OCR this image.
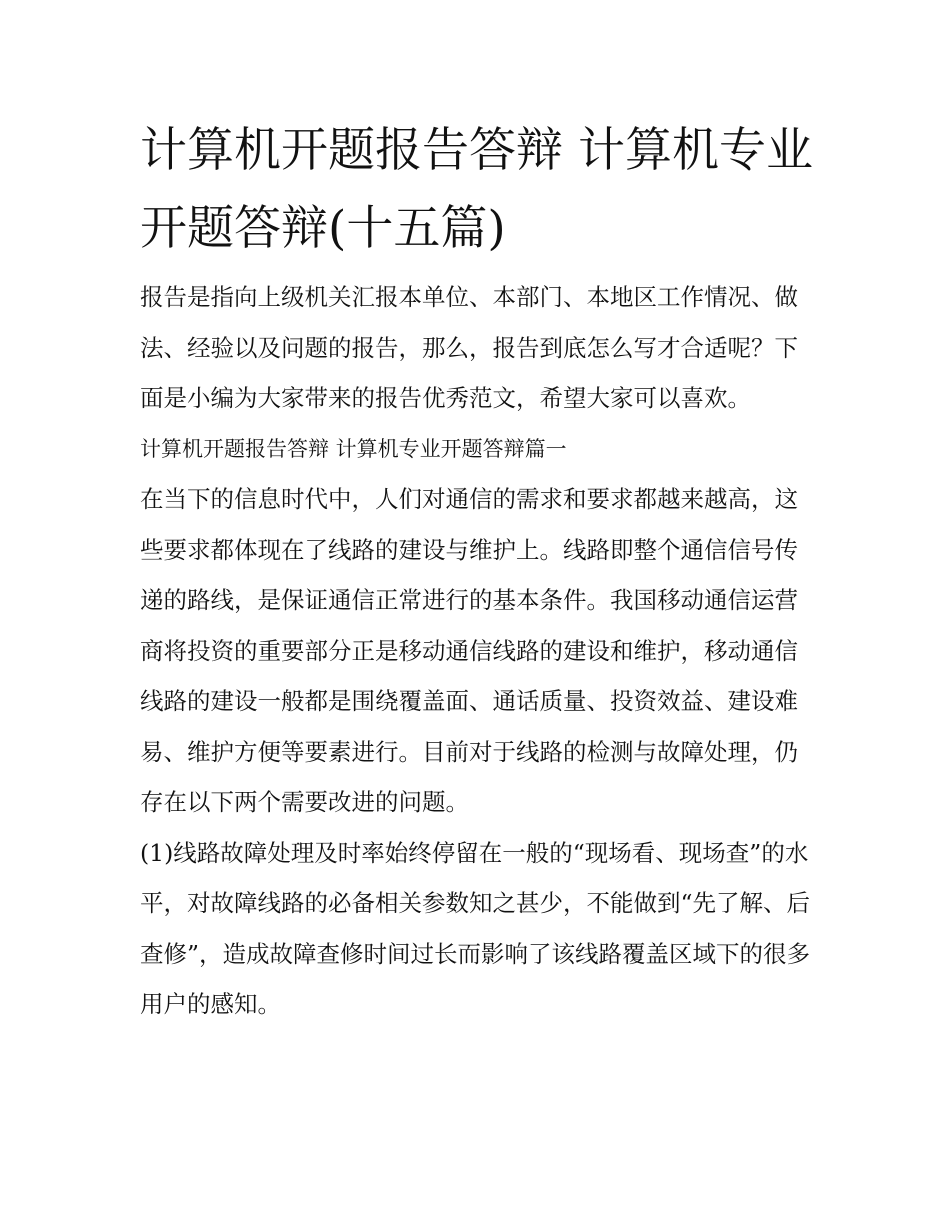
计算机开题报告答辩 计算机专业开题答辩(十五篇)

报告是指向上级机关汇报本单位、本部门、本地区工作情况、做法、经验以及问题的报告，那么，报告到底怎么写才合适呢？下面是小编为大家带来的报告优秀范文，希望大家可以喜欢。

计算机开题报告答辩 计算机专业开题答辩篇一

在当下的信息时代中，人们对通信的需求和要求都越来越高，这些要求都体现在了线路的建设与维护上。线路即整个通信信号传递的路线，是保证通信正常进行的基本条件。我国移动通信运营商将投资的重要部分正是移动通信线路的建设和维护，移动通信线路的建设一般都是围绕覆盖面、通话质量、投资效益、建设难易、维护方便等要素进行。目前对于线路的检测与故障处理，仍存在以下两个需要改进的问题。

(1)线路故障处理及时率始终停留在一般的“现场看、现场查”的水平，对故障线路的必备相关参数知之甚少，不能做到“先了解、后查修”，造成故障查修时间过长而影响了该线路覆盖区域下的很多用户的感知。
